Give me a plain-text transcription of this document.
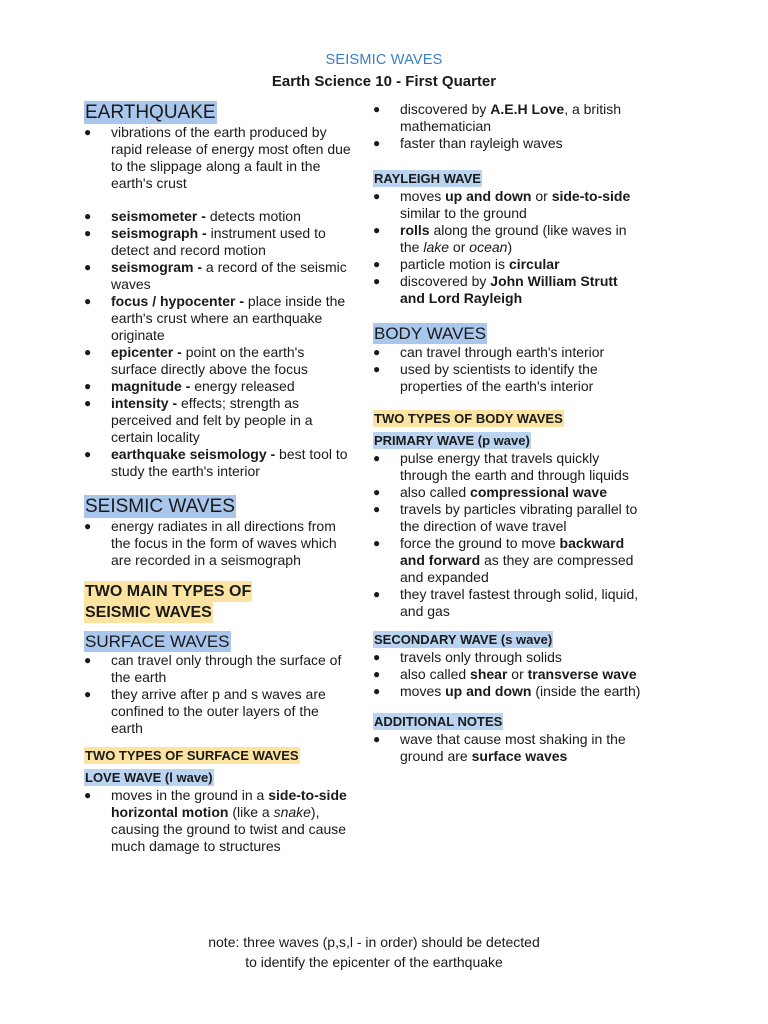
SEISMIC WAVES
Earth Science 10 - First Quarter
EARTHQUAKE
● vibrations of the earth produced by rapid release of energy most often due to the slippage along a fault in the earth's crust
● seismometer - detects motion
● seismograph - instrument used to detect and record motion
● seismogram - a record of the seismic waves
● focus / hypocenter - place inside the earth's crust where an earthquake originate
● epicenter - point on the earth's surface directly above the focus
● magnitude - energy released
● intensity - effects; strength as perceived and felt by people in a certain locality
● earthquake seismology - best tool to study the earth's interior
SEISMIC WAVES
● energy radiates in all directions from the focus in the form of waves which are recorded in a seismograph
TWO MAIN TYPES OF
SEISMIC WAVES
SURFACE WAVES
● can travel only through the surface of the earth
● they arrive after p and s waves are confined to the outer layers of the earth
TWO TYPES OF SURFACE WAVES
LOVE WAVE (l wave)
● moves in the ground in a side-to-side horizontal motion (like a snake), causing the ground to twist and cause much damage to structures
● discovered by A.E.H Love, a british mathematician
● faster than rayleigh waves
RAYLEIGH WAVE
● moves up and down or side-to-side similar to the ground
● rolls along the ground (like waves in the lake or ocean)
● particle motion is circular
● discovered by John William Strutt and Lord Rayleigh
BODY WAVES
● can travel through earth's interior
● used by scientists to identify the properties of the earth's interior
TWO TYPES OF BODY WAVES
PRIMARY WAVE (p wave)
● pulse energy that travels quickly through the earth and through liquids
● also called compressional wave
● travels by particles vibrating parallel to the direction of wave travel
● force the ground to move backward and forward as they are compressed and expanded
● they travel fastest through solid, liquid, and gas
SECONDARY WAVE (s wave)
● travels only through solids
● also called shear or transverse wave
● moves up and down (inside the earth)
ADDITIONAL NOTES
● wave that cause most shaking in the ground are surface waves
note: three waves (p,s,l - in order) should be detected
to identify the epicenter of the earthquake
